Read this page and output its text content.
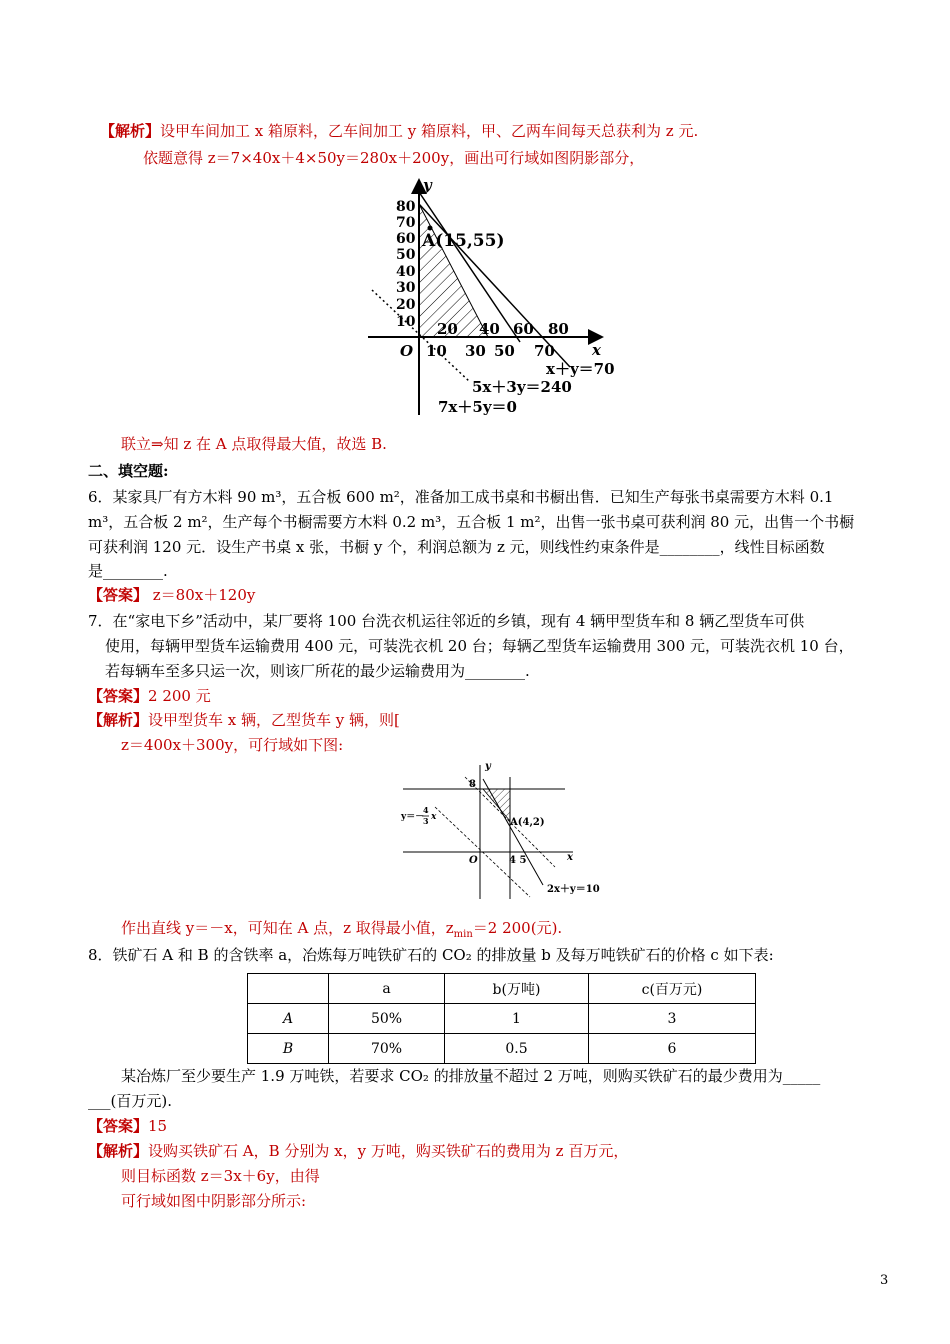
【解析】设甲车间加工 x 箱原料，乙车间加工 y 箱原料，甲、乙两车间每天总获利为 z 元.
依题意得 z＝7×40x＋4×50y＝280x＋200y，画出可行域如图阴影部分，
y
x
O
80
70
60
50
40
30
20
10 20 40 60 80
10 30 50 70
A(15,55)
x＋y＝70
5x＋3y＝240
7x＋5y＝0
联立⇒知 z 在 A 点取得最大值，故选 B.
二、填空题:
6．某家具厂有方木料 90 m³，五合板 600 m²，准备加工成书桌和书橱出售．已知生产每张书桌需要方木料 0.1
m³，五合板 2 m²，生产每个书橱需要方木料 0.2 m³，五合板 1 m²，出售一张书桌可获利润 80 元，出售一个书橱
可获利润 120 元．设生产书桌 x 张，书橱 y 个，利润总额为 z 元，则线性约束条件是________，线性目标函数
是________.
【答案】 z＝80x＋120y
7．在“家电下乡”活动中，某厂要将 100 台洗衣机运往邻近的乡镇，现有 4 辆甲型货车和 8 辆乙型货车可供
使用，每辆甲型货车运输费用 400 元，可装洗衣机 20 台；每辆乙型货车运输费用 300 元，可装洗衣机 10 台，
若每辆车至多只运一次，则该厂所花的最少运输费用为________.
【答案】2 200 元
【解析】设甲型货车 x 辆，乙型货车 y 辆，则[
z＝400x＋300y，可行域如下图:
y
x
O
8
4 5
A(4,2)
2x＋y＝10
y＝－
4
3 x
作出直线 y＝－x，可知在 A 点，z 取得最小值，$z_{min}=2$ 200(元).
8．铁矿石 A 和 B 的含铁率 a，冶炼每万吨铁矿石的 CO₂ 的排放量 b 及每万吨铁矿石的价格 c 如下表:
	a	b(万吨)	c(百万元)
A	50%	1	3
B	70%	0.5	6
某冶炼厂至少要生产 1.9 万吨铁，若要求 CO₂ 的排放量不超过 2 万吨，则购买铁矿石的最少费用为_____
___(百万元).
【答案】15
【解析】设购买铁矿石 A，B 分别为 x，y 万吨，购买铁矿石的费用为 z 百万元，
则目标函数 z＝3x＋6y，由得
可行域如图中阴影部分所示:
3
